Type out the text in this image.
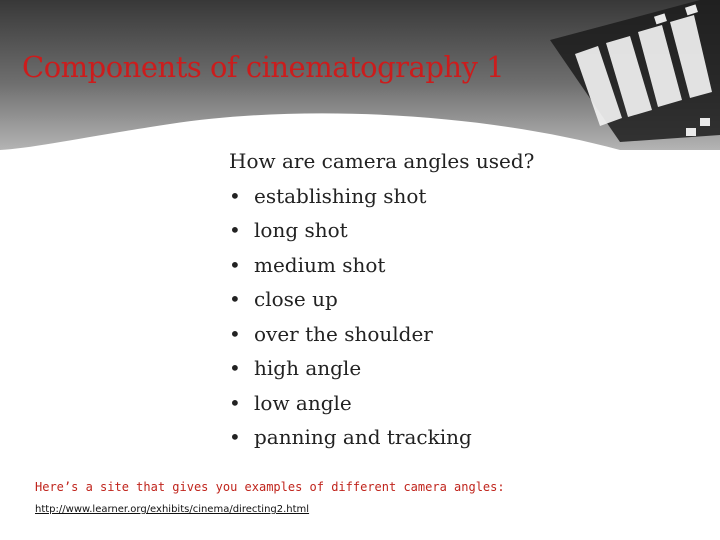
Components of cinematography 1
How are camera angles used?
• establishing shot
• long shot
• medium shot
• close up
• over the shoulder
• high angle
• low angle
• panning and tracking
Here’s a site that gives you examples of different camera angles:
http://www.learner.org/exhibits/cinema/directing2.html
